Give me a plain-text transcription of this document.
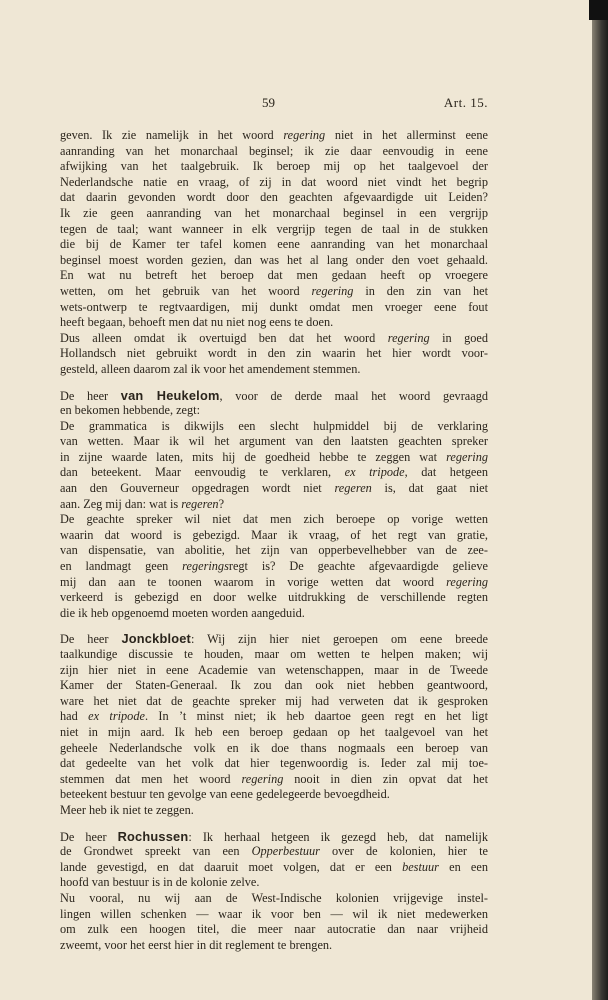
59	Art. 15.
geven. Ik zie namelijk in het woord regering niet in het allerminst eene
aanranding van het monarchaal beginsel; ik zie daar eenvoudig in eene
afwijking van het taalgebruik. Ik beroep mij op het taalgevoel der
Nederlandsche natie en vraag, of zij in dat woord niet vindt het begrip
dat daarin gevonden wordt door den geachten afgevaardigde uit Leiden?
Ik zie geen aanranding van het monarchaal beginsel in een vergrijp
tegen de taal; want wanneer in elk vergrijp tegen de taal in de stukken
die bij de Kamer ter tafel komen eene aanranding van het monarchaal
beginsel moest worden gezien, dan was het al lang onder den voet gehaald.
En wat nu betreft het beroep dat men gedaan heeft op vroegere
wetten, om het gebruik van het woord regering in den zin van het
wets-ontwerp te regtvaardigen, mij dunkt omdat men vroeger eene fout
heeft begaan, behoeft men dat nu niet nog eens te doen.
Dus alleen omdat ik overtuigd ben dat het woord regering in goed
Hollandsch niet gebruikt wordt in den zin waarin het hier wordt voor-
gesteld, alleen daarom zal ik voor het amendement stemmen.
De heer van Heukelom, voor de derde maal het woord gevraagd
en bekomen hebbende, zegt:
De grammatica is dikwijls een slecht hulpmiddel bij de verklaring
van wetten. Maar ik wil het argument van den laatsten geachten spreker
in zijne waarde laten, mits hij de goedheid hebbe te zeggen wat regering
dan beteekent. Maar eenvoudig te verklaren, ex tripode, dat hetgeen
aan den Gouverneur opgedragen wordt niet regeren is, dat gaat niet
aan. Zeg mij dan: wat is regeren?
De geachte spreker wil niet dat men zich beroepe op vorige wetten
waarin dat woord is gebezigd. Maar ik vraag, of het regt van gratie,
van dispensatie, van abolitie, het zijn van opperbevelhebber van de zee-
en landmagt geen regeringsregt is? De geachte afgevaardigde gelieve
mij dan aan te toonen waarom in vorige wetten dat woord regering
verkeerd is gebezigd en door welke uitdrukking de verschillende regten
die ik heb opgenoemd moeten worden aangeduid.
De heer Jonckbloet: Wij zijn hier niet geroepen om eene breede
taalkundige discussie te houden, maar om wetten te helpen maken; wij
zijn hier niet in eene Academie van wetenschappen, maar in de Tweede
Kamer der Staten-Generaal. Ik zou dan ook niet hebben geantwoord,
ware het niet dat de geachte spreker mij had verweten dat ik gesproken
had ex tripode. In ’t minst niet; ik heb daartoe geen regt en het ligt
niet in mijn aard. Ik heb een beroep gedaan op het taalgevoel van het
geheele Nederlandsche volk en ik doe thans nogmaals een beroep van
dat gedeelte van het volk dat hier tegenwoordig is. Ieder zal mij toe-
stemmen dat men het woord regering nooit in dien zin opvat dat het
beteekent bestuur ten gevolge van eene gedelegeerde bevoegdheid.
Meer heb ik niet te zeggen.
De heer Rochussen: Ik herhaal hetgeen ik gezegd heb, dat namelijk
de Grondwet spreekt van een Opperbestuur over de kolonien, hier te
lande gevestigd, en dat daaruit moet volgen, dat er een bestuur en een
hoofd van bestuur is in de kolonie zelve.
Nu vooral, nu wij aan de West-Indische kolonien vrijgevige instel-
lingen willen schenken — waar ik voor ben — wil ik niet medewerken
om zulk een hoogen titel, die meer naar autocratie dan naar vrijheid
zweemt, voor het eerst hier in dit reglement te brengen.
